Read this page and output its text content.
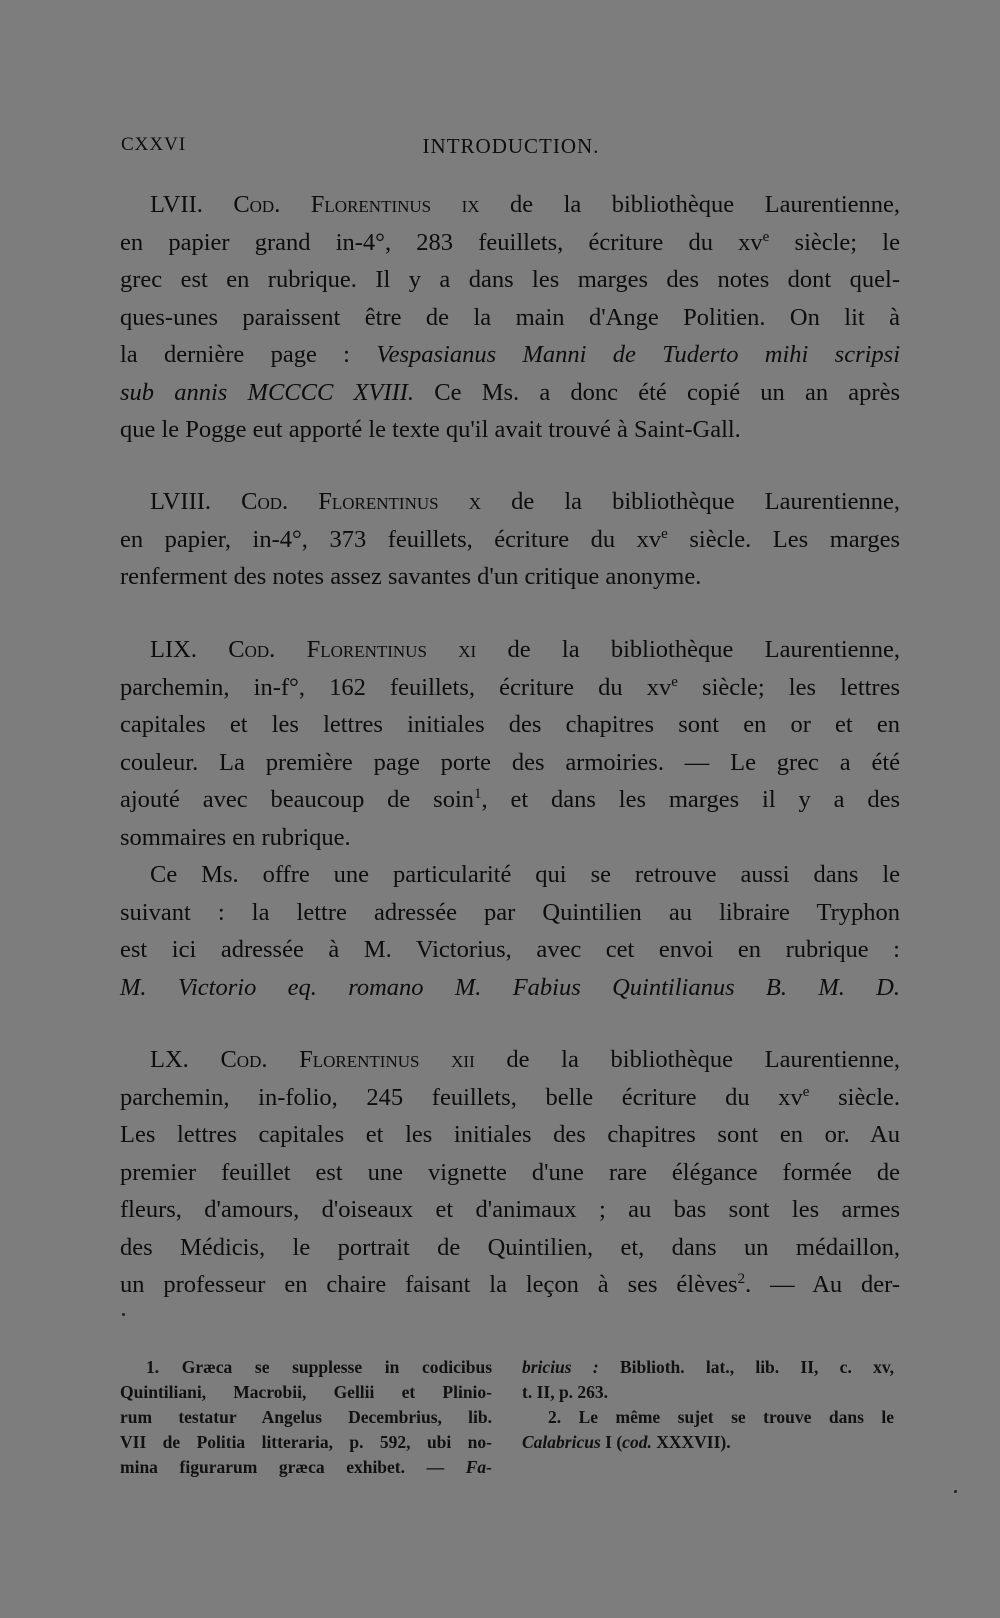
CXXVI	INTRODUCTION.
LVII. Cod. Florentinus ix de la bibliothèque Laurentienne,
en papier grand in-4°, 283 feuillets, écriture du $xv^e$ siècle; le
grec est en rubrique. Il y a dans les marges des notes dont quel-
ques-unes paraissent être de la main d'Ange Politien. On lit à
la dernière page : Vespasianus Manni de Tuderto mihi scripsi
sub annis MCCCC XVIII. Ce Ms. a donc été copié un an après
que le Pogge eut apporté le texte qu'il avait trouvé à Saint-Gall.
LVIII. Cod. Florentinus x de la bibliothèque Laurentienne,
en papier, in-4°, 373 feuillets, écriture du $xv^e$ siècle. Les marges
renferment des notes assez savantes d'un critique anonyme.
LIX. Cod. Florentinus xi de la bibliothèque Laurentienne,
parchemin, in-f°, 162 feuillets, écriture du $xv^e$ siècle; les lettres
capitales et les lettres initiales des chapitres sont en or et en
couleur. La première page porte des armoiries. — Le grec a été
ajouté avec beaucoup de soin$^1$, et dans les marges il y a des
sommaires en rubrique.
Ce Ms. offre une particularité qui se retrouve aussi dans le
suivant : la lettre adressée par Quintilien au libraire Tryphon
est ici adressée à M. Victorius, avec cet envoi en rubrique :
M. Victorio eq. romano M. Fabius Quintilianus B. M. D.
LX. Cod. Florentinus xii de la bibliothèque Laurentienne,
parchemin, in-folio, 245 feuillets, belle écriture du $xv^e$ siècle.
Les lettres capitales et les initiales des chapitres sont en or. Au
premier feuillet est une vignette d'une rare élégance formée de
fleurs, d'amours, d'oiseaux et d'animaux ; au bas sont les armes
des Médicis, le portrait de Quintilien, et, dans un médaillon,
un professeur en chaire faisant la leçon à ses élèves$^2$. — Au der-
1. Græca se supplesse in codicibus
Quintiliani, Macrobii, Gellii et Plinio-
rum testatur Angelus Decembrius, lib.
VII de Politia litteraria, p. 592, ubi no-
mina figurarum græca exhibet. — Fa-
bricius : Biblioth. lat., lib. II, c. xv,
t. II, p. 263.
2. Le même sujet se trouve dans le
Calabricus I (cod. XXXVII).
